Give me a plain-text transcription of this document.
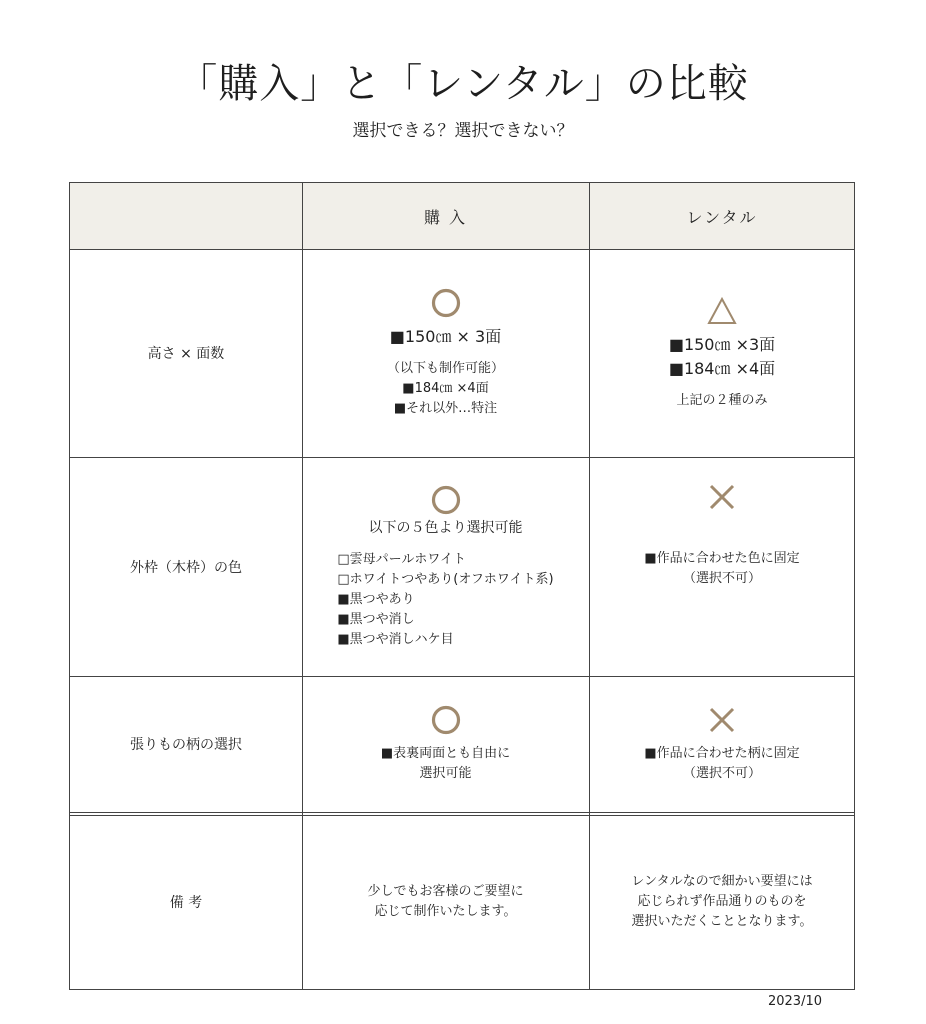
「購入」と「レンタル」の比較
選択できる？選択できない？
購 入	レンタル
高さ × 面数
■150㎝ × 3面
（以下も制作可能）
■184㎝ ×4面
■それ以外…特注
■150㎝ ×3面
■184㎝ ×4面
上記の２種のみ
外枠（木枠）の色
以下の５色より選択可能
□雲母パールホワイト
□ホワイトつやあり(オフホワイト系)
■黒つやあり
■黒つや消し
■黒つや消しハケ目
■作品に合わせた色に固定
（選択不可）
張りもの柄の選択
■表裏両面とも自由に
選択可能
■作品に合わせた柄に固定
（選択不可）
備 考
少しでもお客様のご要望に
応じて制作いたします。
レンタルなので細かい要望には
応じられず作品通りのものを
選択いただくこととなります。
2023/10
